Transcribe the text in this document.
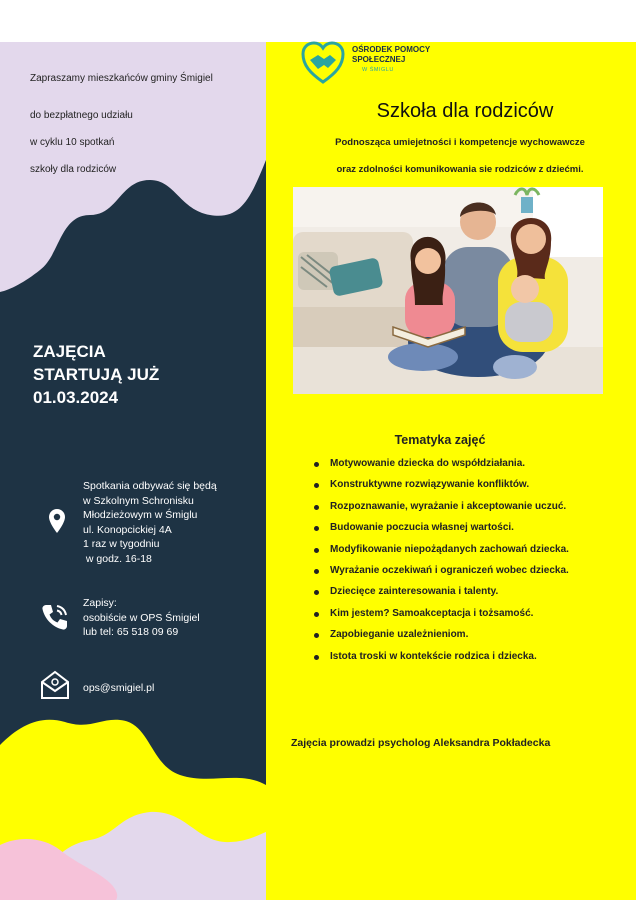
Zapraszamy mieszkańców gminy Śmigiel
do bezpłatnego udziału
w cyklu 10 spotkań
szkoły dla rodziców
ZAJĘCIA
STARTUJĄ JUŻ
01.03.2024
Spotkania odbywać się będą
w Szkolnym Schronisku
Młodzieżowym w Śmiglu
ul. Konopcickiej 4A
1 raz w tygodniu
w godz. 16-18
Zapisy:
osobiście w OPS Śmigiel
lub tel: 65 518 09 69
ops@smigiel.pl
OŚRODEK POMOCY
SPOŁECZNEJ
W ŚMIGLU
Szkoła dla rodziców
Podnosząca umiejetności i kompetencje wychowawcze
oraz zdolności komunikowania sie rodziców z dziećmi.
Tematyka zajęć
Motywowanie dziecka do współdziałania.
Konstruktywne rozwiązywanie konfliktów.
Rozpoznawanie, wyrażanie i akceptowanie uczuć.
Budowanie poczucia własnej wartości.
Modyfikowanie niepożądanych zachowań dziecka.
Wyrażanie oczekiwań i ograniczeń wobec dziecka.
Dziecięce zainteresowania i talenty.
Kim jestem? Samoakceptacja i tożsamość.
Zapobieganie uzależnieniom.
Istota troski w kontekście rodzica i dziecka.
Zajęcia prowadzi psycholog Aleksandra Pokładecka
